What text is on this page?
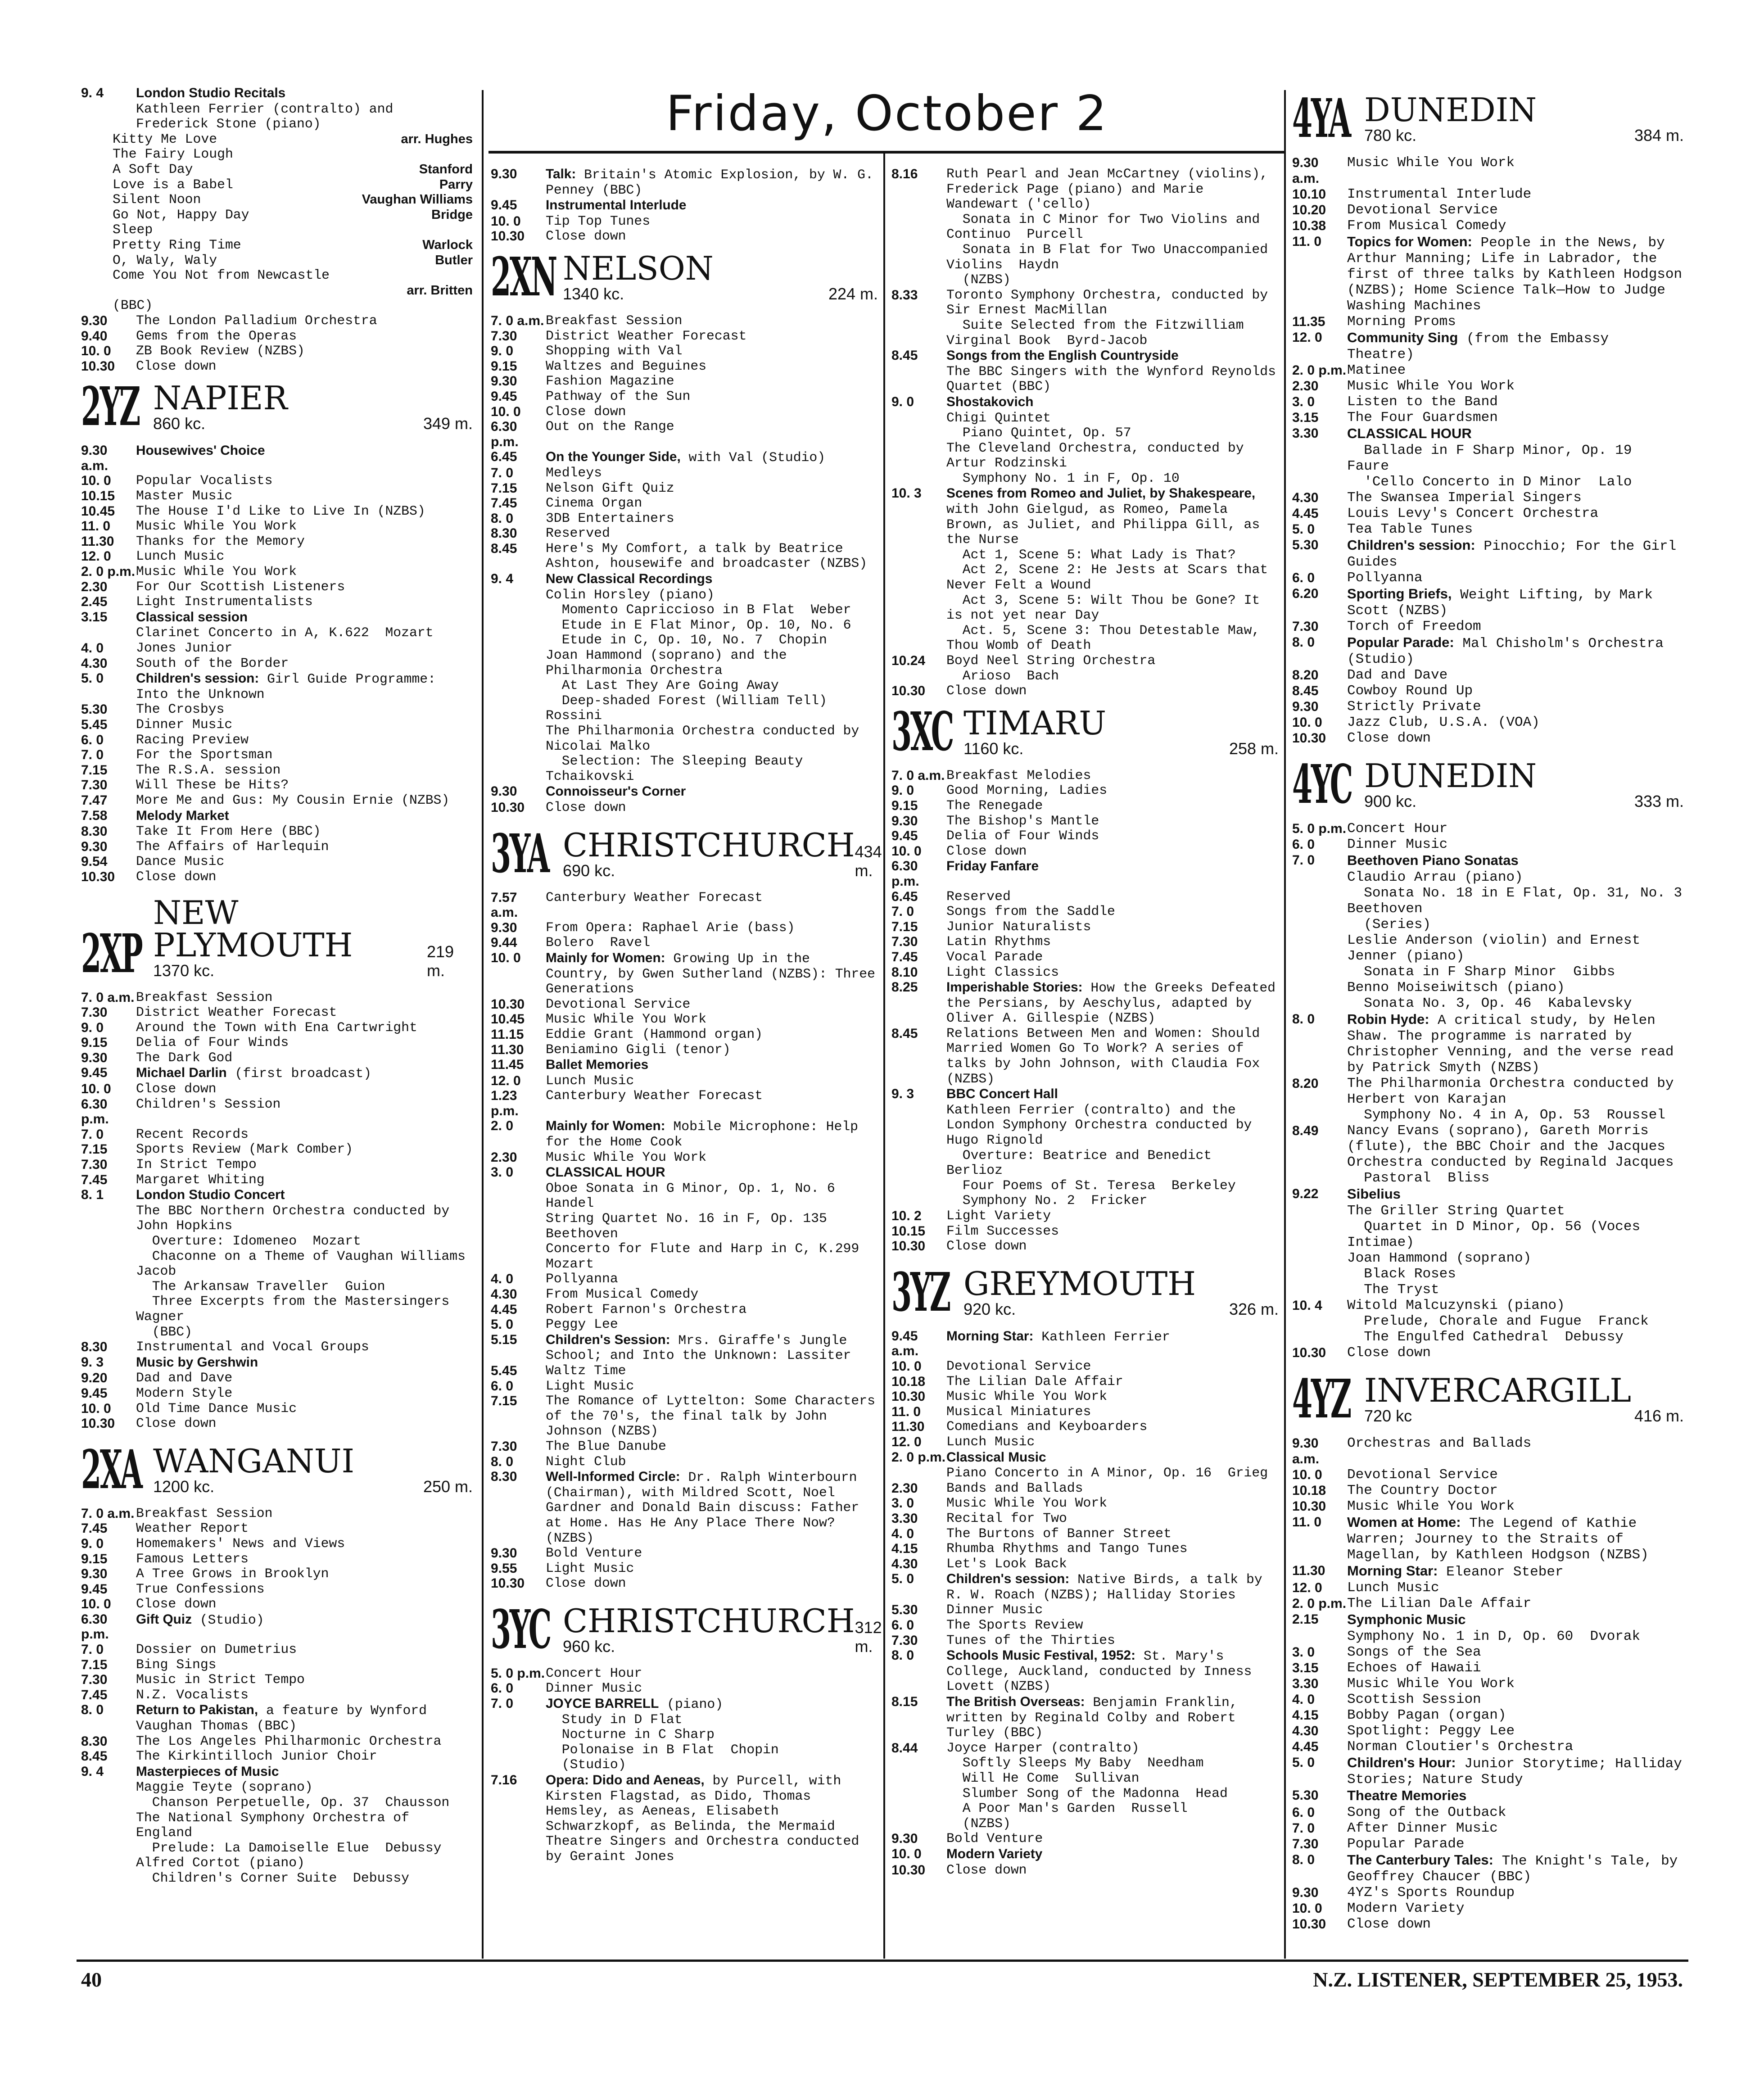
Friday, October 2
9. 4	London Studio Recitals
Kathleen Ferrier (contralto) and Frederick Stone (piano)
Kitty Me Love	arr. Hughes
The Fairy Lough
A Soft Day	Stanford
Love is a Babel	Parry
Silent Noon	Vaughan Williams
Go Not, Happy Day	Bridge
Sleep
Pretty Ring Time	Warlock
O, Waly, Waly	Butler
Come You Not from Newcastle
arr. Britten
(BBC)
9.30	The London Palladium Orchestra
9.40	Gems from the Operas
10. 0	ZB Book Review (NZBS)
10.30	Close down
2YZ NAPIER
860 kc.	349 m.
9.30 a.m.
Housewives' Choice
10. 0	Popular Vocalists
10.15	Master Music
10.45	The House I'd Like to Live In (NZBS)
11. 0	Music While You Work
11.30	Thanks for the Memory
12. 0	Lunch Music
2. 0 p.m. Music While You Work
2.30	For Our Scottish Listeners
2.45	Light Instrumentalists
3.15	Classical session
Clarinet Concerto in A, K.622  Mozart
4. 0	Jones Junior
4.30	South of the Border
5. 0	Children's session: Girl Guide Programme: Into the Unknown
5.30	The Crosbys
5.45	Dinner Music
6. 0	Racing Preview
7. 0	For the Sportsman
7.15	The R.S.A. session
7.30	Will These be Hits?
7.47	More Me and Gus: My Cousin Ernie (NZBS)
7.58	Melody Market
8.30	Take It From Here (BBC)
9.30	The Affairs of Harlequin
9.54	Dance Music
10.30	Close down
2XP
NEW PLYMOUTH
1370 kc.
219 m.
7. 0 a.m. Breakfast Session
7.30	District Weather Forecast
9. 0	Around the Town with Ena Cartwright
9.15	Delia of Four Winds
9.30	The Dark God
9.45	Michael Darlin (first broadcast)
10. 0	Close down
6.30 p.m.
Children's Session
7. 0	Recent Records
7.15	Sports Review (Mark Comber)
7.30	In Strict Tempo
7.45	Margaret Whiting
8. 1	London Studio Concert
The BBC Northern Orchestra conducted by John Hopkins
Overture: Idomeneo  Mozart
Chaconne on a Theme of Vaughan Williams  Jacob
The Arkansaw Traveller  Guion
Three Excerpts from the Mastersingers  Wagner
(BBC)
8.30	Instrumental and Vocal Groups
9. 3	Music by Gershwin
9.20	Dad and Dave
9.45	Modern Style
10. 0	Old Time Dance Music
10.30	Close down
2XA WANGANUI
1200 kc.	250 m.
7. 0 a.m. Breakfast Session
7.45	Weather Report
9. 0	Homemakers' News and Views
9.15	Famous Letters
9.30	A Tree Grows in Brooklyn
9.45	True Confessions
10. 0	Close down
6.30 p.m.
Gift Quiz (Studio)
7. 0	Dossier on Dumetrius
7.15	Bing Sings
7.30	Music in Strict Tempo
7.45	N.Z. Vocalists
8. 0	Return to Pakistan, a feature by Wynford Vaughan Thomas (BBC)
8.30	The Los Angeles Philharmonic Orchestra
8.45	The Kirkintilloch Junior Choir
9. 4	Masterpieces of Music
Maggie Teyte (soprano)
Chanson Perpetuelle, Op. 37  Chausson
The National Symphony Orchestra of England
Prelude: La Damoiselle Elue  Debussy
Alfred Cortot (piano)
Children's Corner Suite  Debussy
9.30	Talk: Britain's Atomic Explosion, by W. G. Penney (BBC)
9.45	Instrumental Interlude
10. 0	Tip Top Tunes
10.30	Close down
2XN NELSON
1340 kc.	224 m.
7. 0 a.m. Breakfast Session
7.30	District Weather Forecast
9. 0	Shopping with Val
9.15	Waltzes and Beguines
9.30	Fashion Magazine
9.45	Pathway of the Sun
10. 0	Close down
6.30 p.m.
Out on the Range
6.45	On the Younger Side, with Val (Studio)
7. 0	Medleys
7.15	Nelson Gift Quiz
7.45	Cinema Organ
8. 0	3DB Entertainers
8.30	Reserved
8.45	Here's My Comfort, a talk by Beatrice Ashton, housewife and broadcaster (NZBS)
9. 4	New Classical Recordings
Colin Horsley (piano)
Momento Capriccioso in B Flat  Weber
Etude in E Flat Minor, Op. 10, No. 6
Etude in C, Op. 10, No. 7  Chopin
Joan Hammond (soprano) and the Philharmonia Orchestra
At Last They Are Going Away
Deep-shaded Forest (William Tell)  Rossini
The Philharmonia Orchestra conducted by Nicolai Malko
Selection: The Sleeping Beauty  Tchaikovski
9.30	Connoisseur's Corner
10.30	Close down
3YA CHRISTCHURCH
690 kc.
434 m.
7.57 a.m.
Canterbury Weather Forecast
9.30	From Opera: Raphael Arie (bass)
9.44	Bolero  Ravel
10. 0	Mainly for Women: Growing Up in the Country, by Gwen Sutherland (NZBS): Three Generations
10.30	Devotional Service
10.45	Music While You Work
11.15	Eddie Grant (Hammond organ)
11.30	Beniamino Gigli (tenor)
11.45	Ballet Memories
12. 0	Lunch Music
1.23 p.m.
Canterbury Weather Forecast
2. 0	Mainly for Women: Mobile Microphone: Help for the Home Cook
2.30	Music While You Work
3. 0	CLASSICAL HOUR
Oboe Sonata in G Minor, Op. 1, No. 6  Handel
String Quartet No. 16 in F, Op. 135  Beethoven
Concerto for Flute and Harp in C, K.299  Mozart
4. 0	Pollyanna
4.30	From Musical Comedy
4.45	Robert Farnon's Orchestra
5. 0	Peggy Lee
5.15	Children's Session: Mrs. Giraffe's Jungle School; and Into the Unknown: Lassiter
5.45	Waltz Time
6. 0	Light Music
7.15	The Romance of Lyttelton: Some Characters of the 70's, the final talk by John Johnson (NZBS)
7.30	The Blue Danube
8. 0	Night Club
8.30	Well-Informed Circle: Dr. Ralph Winterbourn (Chairman), with Mildred Scott, Noel Gardner and Donald Bain discuss: Father at Home. Has He Any Place There Now? (NZBS)
9.30	Bold Venture
9.55	Light Music
10.30	Close down
3YC CHRISTCHURCH
960 kc.
312 m.
5. 0 p.m. Concert Hour
6. 0	Dinner Music
7. 0	JOYCE BARRELL (piano)
Study in D Flat
Nocturne in C Sharp
Polonaise in B Flat  Chopin
(Studio)
7.16	Opera: Dido and Aeneas, by Purcell, with Kirsten Flagstad, as Dido, Thomas Hemsley, as Aeneas, Elisabeth Schwarzkopf, as Belinda, the Mermaid Theatre Singers and Orchestra conducted by Geraint Jones
8.16	Ruth Pearl and Jean McCartney (violins), Frederick Page (piano) and Marie Wandewart ('cello)
Sonata in C Minor for Two Violins and Continuo  Purcell
Sonata in B Flat for Two Unaccompanied Violins  Haydn
(NZBS)
8.33	Toronto Symphony Orchestra, conducted by Sir Ernest MacMillan
Suite Selected from the Fitzwilliam Virginal Book  Byrd-Jacob
8.45	Songs from the English Countryside
The BBC Singers with the Wynford Reynolds Quartet (BBC)
9. 0	Shostakovich
Chigi Quintet
Piano Quintet, Op. 57
The Cleveland Orchestra, conducted by Artur Rodzinski
Symphony No. 1 in F, Op. 10
10. 3	Scenes from Romeo and Juliet, by Shakespeare, with John Gielgud, as Romeo, Pamela Brown, as Juliet, and Philippa Gill, as the Nurse
Act 1, Scene 5: What Lady is That?
Act 2, Scene 2: He Jests at Scars that Never Felt a Wound
Act 3, Scene 5: Wilt Thou be Gone? It is not yet near Day
Act. 5, Scene 3: Thou Detestable Maw, Thou Womb of Death
10.24	Boyd Neel String Orchestra
Arioso  Bach
10.30	Close down
3XC TIMARU
1160 kc.	258 m.
7. 0 a.m. Breakfast Melodies
9. 0	Good Morning, Ladies
9.15	The Renegade
9.30	The Bishop's Mantle
9.45	Delia of Four Winds
10. 0	Close down
6.30 p.m.
Friday Fanfare
6.45	Reserved
7. 0	Songs from the Saddle
7.15	Junior Naturalists
7.30	Latin Rhythms
7.45	Vocal Parade
8.10	Light Classics
8.25	Imperishable Stories: How the Greeks Defeated the Persians, by Aeschylus, adapted by Oliver A. Gillespie (NZBS)
8.45	Relations Between Men and Women: Should Married Women Go To Work? A series of talks by John Johnson, with Claudia Fox (NZBS)
9. 3	BBC Concert Hall
Kathleen Ferrier (contralto) and the London Symphony Orchestra conducted by Hugo Rignold
Overture: Beatrice and Benedict  Berlioz
Four Poems of St. Teresa  Berkeley
Symphony No. 2  Fricker
10. 2	Light Variety
10.15	Film Successes
10.30	Close down
3YZ GREYMOUTH
920 kc.	326 m.
9.45 a.m.
Morning Star: Kathleen Ferrier
10. 0	Devotional Service
10.18	The Lilian Dale Affair
10.30	Music While You Work
11. 0	Musical Miniatures
11.30	Comedians and Keyboarders
12. 0	Lunch Music
2. 0 p.m. Classical Music
Piano Concerto in A Minor, Op. 16  Grieg
2.30	Bands and Ballads
3. 0	Music While You Work
3.30	Recital for Two
4. 0	The Burtons of Banner Street
4.15	Rhumba Rhythms and Tango Tunes
4.30	Let's Look Back
5. 0	Children's session: Native Birds, a talk by R. W. Roach (NZBS); Halliday Stories
5.30	Dinner Music
6. 0	The Sports Review
7.30	Tunes of the Thirties
8. 0	Schools Music Festival, 1952: St. Mary's College, Auckland, conducted by Inness Lovett (NZBS)
8.15	The British Overseas: Benjamin Franklin, written by Reginald Colby and Robert Turley (BBC)
8.44	Joyce Harper (contralto)
Softly Sleeps My Baby  Needham
Will He Come  Sullivan
Slumber Song of the Madonna  Head
A Poor Man's Garden  Russell
(NZBS)
9.30	Bold Venture
10. 0	Modern Variety
10.30	Close down
4YA DUNEDIN
780 kc.	384 m.
9.30 a.m.
Music While You Work
10.10	Instrumental Interlude
10.20	Devotional Service
10.38	From Musical Comedy
11. 0	Topics for Women: People in the News, by Arthur Manning; Life in Labrador, the first of three talks by Kathleen Hodgson (NZBS); Home Science Talk—How to Judge Washing Machines
11.35	Morning Proms
12. 0	Community Sing (from the Embassy Theatre)
2. 0 p.m. Matinee
2.30	Music While You Work
3. 0	Listen to the Band
3.15	The Four Guardsmen
3.30	CLASSICAL HOUR
Ballade in F Sharp Minor, Op. 19  Faure
'Cello Concerto in D Minor  Lalo
4.30	The Swansea Imperial Singers
4.45	Louis Levy's Concert Orchestra
5. 0	Tea Table Tunes
5.30	Children's session: Pinocchio; For the Girl Guides
6. 0	Pollyanna
6.20	Sporting Briefs, Weight Lifting, by Mark Scott (NZBS)
7.30	Torch of Freedom
8. 0	Popular Parade: Mal Chisholm's Orchestra (Studio)
8.20	Dad and Dave
8.45	Cowboy Round Up
9.30	Strictly Private
10. 0	Jazz Club, U.S.A. (VOA)
10.30	Close down
4YC DUNEDIN
900 kc.	333 m.
5. 0 p.m. Concert Hour
6. 0	Dinner Music
7. 0	Beethoven Piano Sonatas
Claudio Arrau (piano)
Sonata No. 18 in E Flat, Op. 31, No. 3  Beethoven
(Series)
Leslie Anderson (violin) and Ernest Jenner (piano)
Sonata in F Sharp Minor  Gibbs
Benno Moiseiwitsch (piano)
Sonata No. 3, Op. 46  Kabalevsky
8. 0	Robin Hyde: A critical study, by Helen Shaw. The programme is narrated by Christopher Venning, and the verse read by Patrick Smyth (NZBS)
8.20	The Philharmonia Orchestra conducted by Herbert von Karajan
Symphony No. 4 in A, Op. 53  Roussel
8.49	Nancy Evans (soprano), Gareth Morris (flute), the BBC Choir and the Jacques Orchestra conducted by Reginald Jacques
Pastoral  Bliss
9.22	Sibelius
The Griller String Quartet
Quartet in D Minor, Op. 56 (Voces Intimae)
Joan Hammond (soprano)
Black Roses
The Tryst
10. 4	Witold Malcuzynski (piano)
Prelude, Chorale and Fugue  Franck
The Engulfed Cathedral  Debussy
10.30	Close down
4YZ INVERCARGILL
720 kc	416 m.
9.30 a.m.
Orchestras and Ballads
10. 0	Devotional Service
10.18	The Country Doctor
10.30	Music While You Work
11. 0	Women at Home: The Legend of Kathie Warren; Journey to the Straits of Magellan, by Kathleen Hodgson (NZBS)
11.30	Morning Star: Eleanor Steber
12. 0	Lunch Music
2. 0 p.m. The Lilian Dale Affair
2.15	Symphonic Music
Symphony No. 1 in D, Op. 60  Dvorak
3. 0	Songs of the Sea
3.15	Echoes of Hawaii
3.30	Music While You Work
4. 0	Scottish Session
4.15	Bobby Pagan (organ)
4.30	Spotlight: Peggy Lee
4.45	Norman Cloutier's Orchestra
5. 0	Children's Hour: Junior Storytime; Halliday Stories; Nature Study
5.30	Theatre Memories
6. 0	Song of the Outback
7. 0	After Dinner Music
7.30	Popular Parade
8. 0	The Canterbury Tales: The Knight's Tale, by Geoffrey Chaucer (BBC)
9.30	4YZ's Sports Roundup
10. 0	Modern Variety
10.30	Close down
40	N.Z. LISTENER, SEPTEMBER 25, 1953.
